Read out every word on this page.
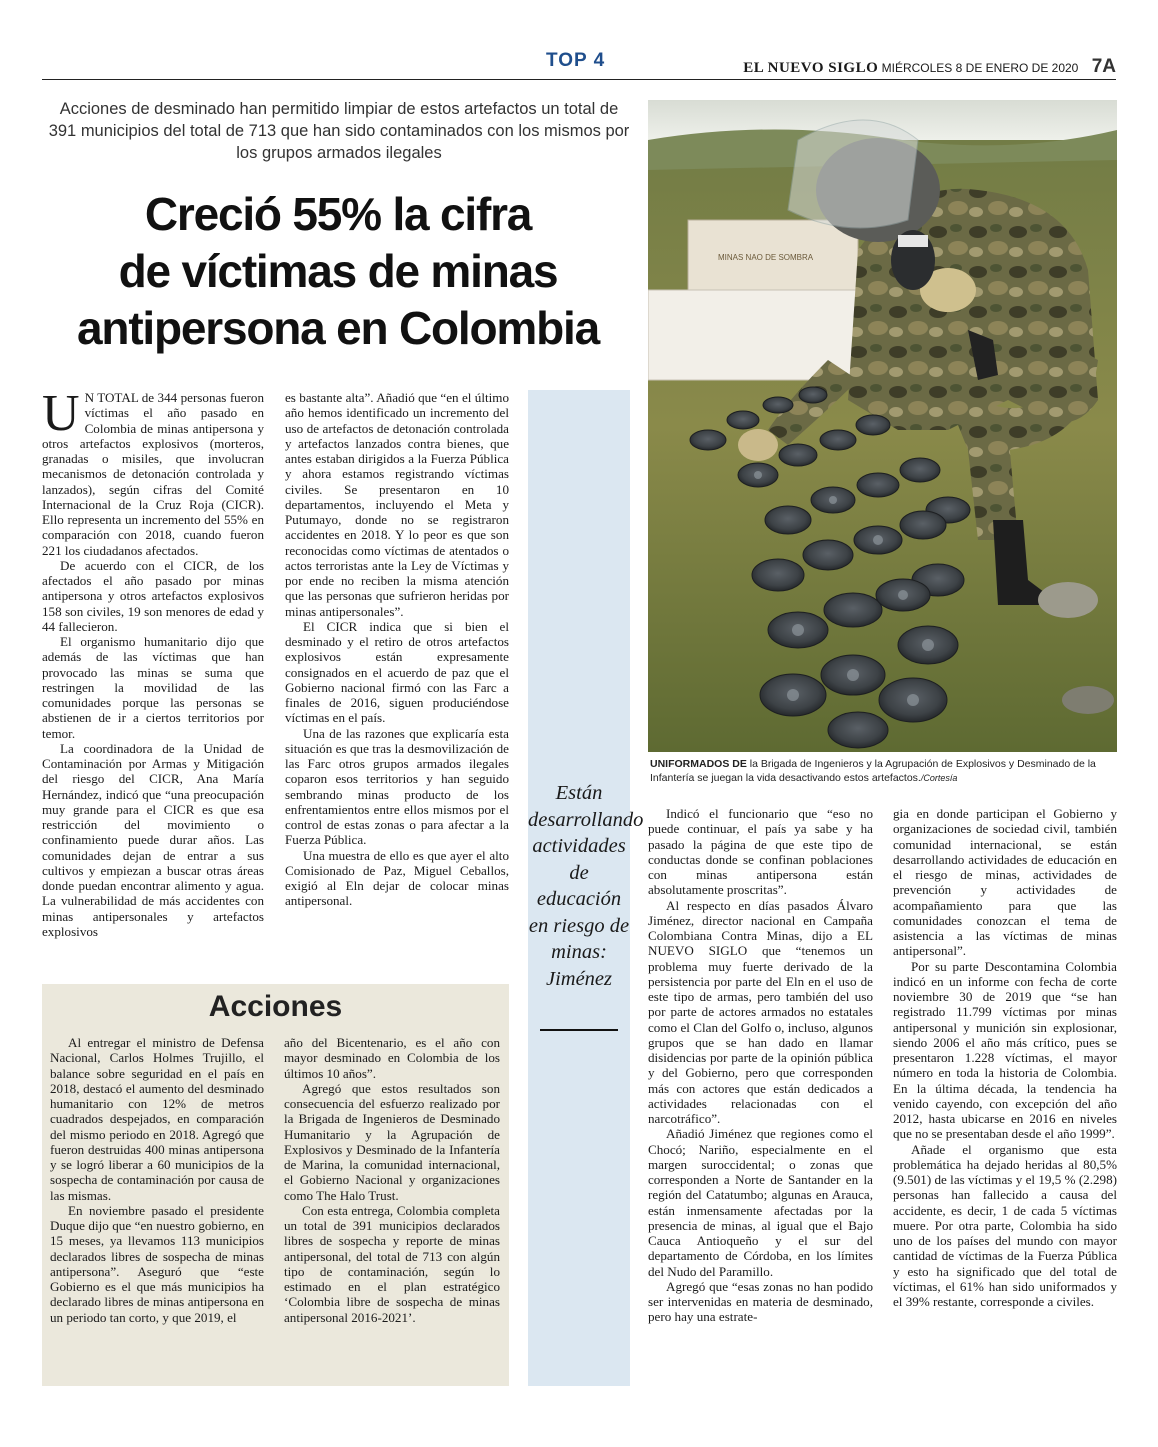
TOP 4	EL NUEVO SIGLO MIÉRCOLES 8 DE ENERO DE 2020 7A
Acciones de desminado han permitido limpiar de estos artefactos un total de 391 municipios del total de 713 que han sido contaminados con los mismos por los grupos armados ilegales
Creció 55% la cifra
de víctimas de minas
antipersona en Colombia

U N TOTAL de 344 personas fueron víctimas el año pasado en Colombia de minas antipersona y otros artefactos explosivos (morteros, granadas o misiles, que involucran mecanismos de detonación controlada y lanzados), según cifras del Comité Internacional de la Cruz Roja (CICR). Ello representa un incremento del 55% en comparación con 2018, cuando fueron 221 los ciudadanos afectados.

De acuerdo con el CICR, de los afectados el año pasado por minas antipersona y otros artefactos explosivos 158 son civiles, 19 son menores de edad y 44 fallecieron.

El organismo humanitario dijo que además de las víctimas que han provocado las minas se suma que restringen la movilidad de las comunidades porque las personas se abstienen de ir a ciertos territorios por temor.

La coordinadora de la Unidad de Contaminación por Armas y Mitigación del riesgo del CICR, Ana María Hernández, indicó que “una preocupación muy grande para el CICR es que esa restricción del movimiento o confinamiento puede durar años. Las comunidades dejan de entrar a sus cultivos y empiezan a buscar otras áreas donde puedan encontrar alimento y agua. La vulnerabilidad de más accidentes con minas antipersonales y artefactos explosivos

es bastante alta”. Añadió que “en el último año hemos identificado un incremento del uso de artefactos de detonación controlada y artefactos lanzados contra bienes, que antes estaban dirigidos a la Fuerza Pública y ahora estamos registrando víctimas civiles. Se presentaron en 10 departamentos, incluyendo el Meta y Putumayo, donde no se registraron accidentes en 2018. Y lo peor es que son reconocidas como víctimas de atentados o actos terroristas ante la Ley de Víctimas y por ende no reciben la misma atención que las personas que sufrieron heridas por minas antipersonales”.

El CICR indica que si bien el desminado y el retiro de otros artefactos explosivos están expresamente consignados en el acuerdo de paz que el Gobierno nacional firmó con las Farc a finales de 2016, siguen produciéndose víctimas en el país.

Una de las razones que explicaría esta situación es que tras la desmovilización de las Farc otros grupos armados ilegales coparon esos territorios y han seguido sembrando minas producto de los enfrentamientos entre ellos mismos por el control de estas zonas o para afectar a la Fuerza Pública.

Una muestra de ello es que ayer el alto Comisionado de Paz, Miguel Ceballos, exigió al Eln dejar de colocar minas antipersonal.

Están desarrollando actividades de educación en riesgo de minas: Jiménez
Acciones

Al entregar el ministro de Defensa Nacional, Carlos Holmes Trujillo, el balance sobre seguridad en el país en 2018, destacó el aumento del desminado humanitario con 12% de metros cuadrados despejados, en comparación del mismo periodo en 2018. Agregó que fueron destruidas 400 minas antipersona y se logró liberar a 60 municipios de la sospecha de contaminación por causa de las mismas.

En noviembre pasado el presidente Duque dijo que “en nuestro gobierno, en 15 meses, ya llevamos 113 municipios declarados libres de sospecha de minas antipersona”. Aseguró que “este Gobierno es el que más municipios ha declarado libres de minas antipersona en un periodo tan corto, y que 2019, el

año del Bicentenario, es el año con mayor desminado en Colombia de los últimos 10 años”.

Agregó que estos resultados son consecuencia del esfuerzo realizado por la Brigada de Ingenieros de Desminado Humanitario y la Agrupación de Explosivos y Desminado de la Infantería de Marina, la comunidad internacional, el Gobierno Nacional y organizaciones como The Halo Trust.

Con esta entrega, Colombia completa un total de 391 municipios declarados libres de sospecha y reporte de minas antipersonal, del total de 713 con algún tipo de contaminación, según lo estimado en el plan estratégico ‘Colombia libre de sospecha de minas antipersonal 2016-2021’.

MINAS NAO DE SOMBRA
UNIFORMADOS DE la Brigada de Ingenieros y la Agrupación de Explosivos y Desminado de la Infantería se juegan la vida desactivando estos artefactos./Cortesía

Indicó el funcionario que “eso no puede continuar, el país ya sabe y ha pasado la página de que este tipo de conductas donde se confinan poblaciones con minas antipersona están absolutamente proscritas”.

Al respecto en días pasados Álvaro Jiménez, director nacional en Campaña Colombiana Contra Minas, dijo a EL NUEVO SIGLO que “tenemos un problema muy fuerte derivado de la persistencia por parte del Eln en el uso de este tipo de armas, pero también del uso por parte de actores armados no estatales como el Clan del Golfo o, incluso, algunos grupos que se han dado en llamar disidencias por parte de la opinión pública y del Gobierno, pero que corresponden más con actores que están dedicados a actividades relacionadas con el narcotráfico”.

Añadió Jiménez que regiones como el Chocó; Nariño, especialmente en el margen suroccidental; o zonas que corresponden a Norte de Santander en la región del Catatumbo; algunas en Arauca, están inmensamente afectadas por la presencia de minas, al igual que el Bajo Cauca Antioqueño y el sur del departamento de Córdoba, en los límites del Nudo del Paramillo.

Agregó que “esas zonas no han podido ser intervenidas en materia de desminado, pero hay una estrate-

gia en donde participan el Gobierno y organizaciones de sociedad civil, también comunidad internacional, se están desarrollando actividades de educación en el riesgo de minas, actividades de prevención y actividades de acompañamiento para que las comunidades conozcan el tema de asistencia a las víctimas de minas antipersonal”.

Por su parte Descontamina Colombia indicó en un informe con fecha de corte noviembre 30 de 2019 que “se han registrado 11.799 víctimas por minas antipersonal y munición sin explosionar, siendo 2006 el año más crítico, pues se presentaron 1.228 víctimas, el mayor número en toda la historia de Colombia. En la última década, la tendencia ha venido cayendo, con excepción del año 2012, hasta ubicarse en 2016 en niveles que no se presentaban desde el año 1999”.

Añade el organismo que esta problemática ha dejado heridas al 80,5% (9.501) de las víctimas y el 19,5 % (2.298) personas han fallecido a causa del accidente, es decir, 1 de cada 5 víctimas muere. Por otra parte, Colombia ha sido uno de los países del mundo con mayor cantidad de víctimas de la Fuerza Pública y esto ha significado que del total de víctimas, el 61% han sido uniformados y el 39% restante, corresponde a civiles.
